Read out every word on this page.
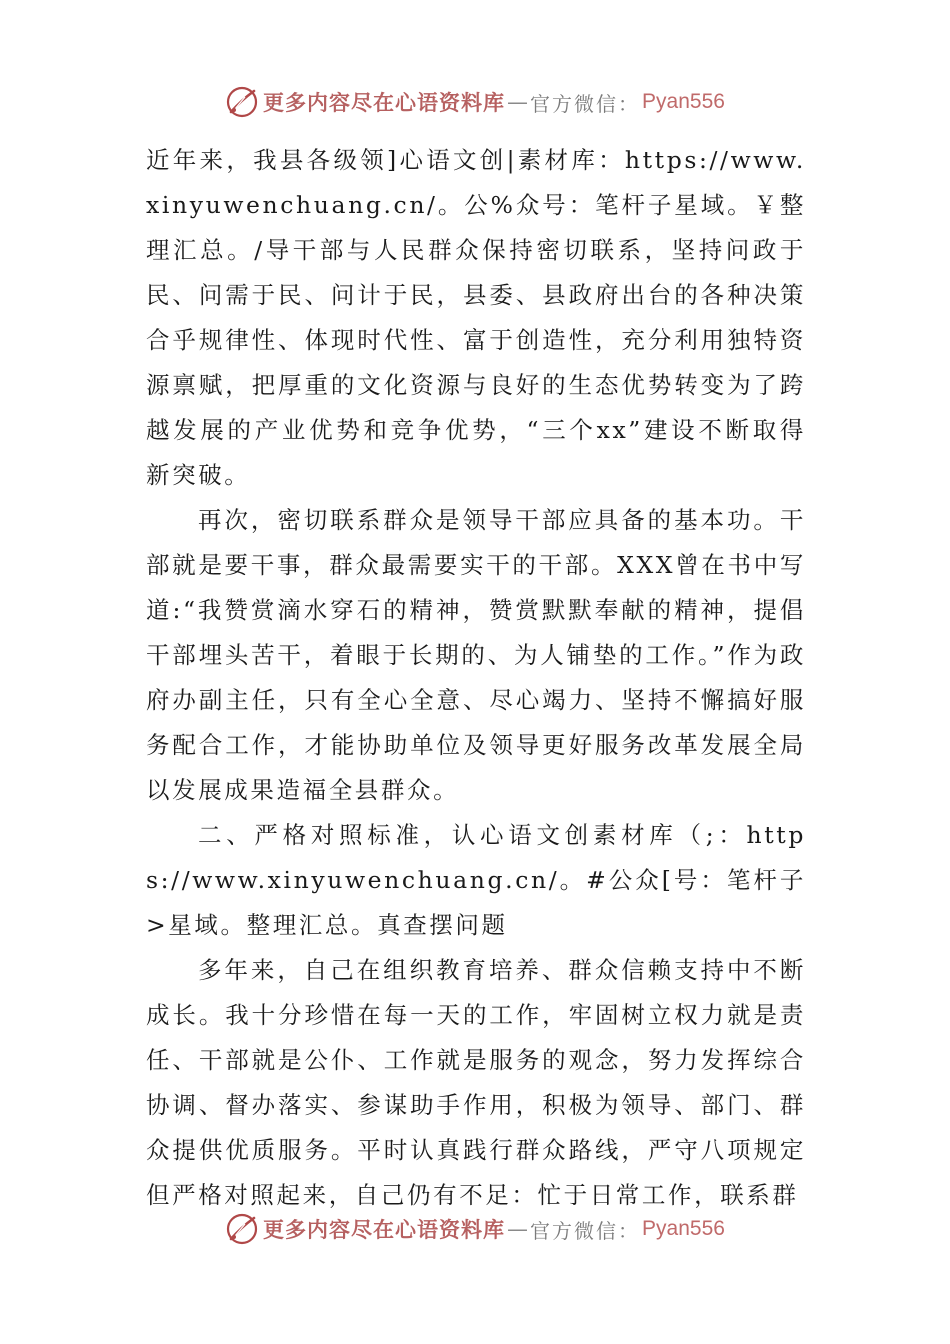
更多内容尽在心语资料库 — 官方微信： Pyan556

近年来，我县各级领]心语文创|素材库：https://www.xinyuwenchuang.cn/。公%众号：笔杆子星域。￥整理汇总。/导干部与人民群众保持密切联系，坚持问政于民、问需于民、问计于民，县委、县政府出台的各种决策合乎规律性、体现时代性、富于创造性，充分利用独特资源禀赋，把厚重的文化资源与良好的生态优势转变为了跨越发展的产业优势和竞争优势，“三个xx”建设不断取得新突破。

再次，密切联系群众是领导干部应具备的基本功。干部就是要干事，群众最需要实干的干部。XXX曾在书中写道:“我赞赏滴水穿石的精神，赞赏默默奉献的精神，提倡干部埋头苦干，着眼于长期的、为人铺垫的工作。”作为政府办副主任，只有全心全意、尽心竭力、坚持不懈搞好服务配合工作，才能协助单位及领导更好服务改革发展全局以发展成果造福全县群众。

二、严格对照标准，认心语文创素材库（;：https://www.xinyuwenchuang.cn/。#公众[号：笔杆子>星域。整理汇总。真查摆问题

多年来，自己在组织教育培养、群众信赖支持中不断成长。我十分珍惜在每一天的工作，牢固树立权力就是责任、干部就是公仆、工作就是服务的观念，努力发挥综合协调、督办落实、参谋助手作用，积极为领导、部门、群众提供优质服务。平时认真践行群众路线，严守八项规定但严格对照起来，自己仍有不足：忙于日常工作，联系群

更多内容尽在心语资料库 — 官方微信： Pyan556
